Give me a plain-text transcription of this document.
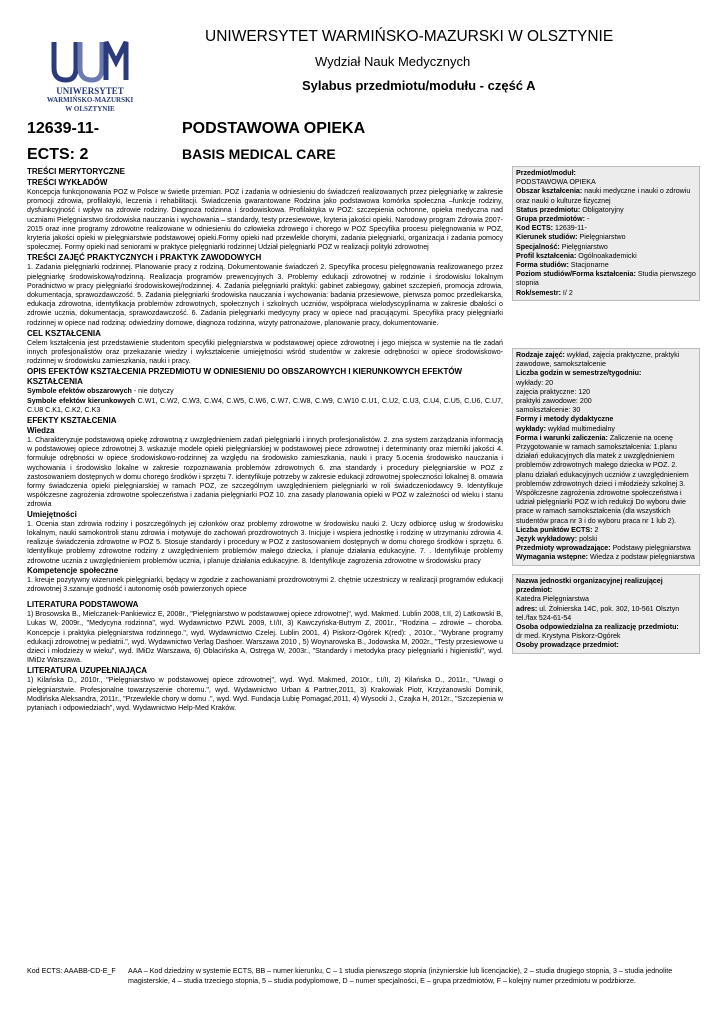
UNIWERSYTET
WARMIŃSKO-MAZURSKI
W OLSZTYNIE
UNIWERSYTET WARMIŃSKO-MAZURSKI W OLSZTYNIE
Wydział Nauk Medycznych
Sylabus przedmiotu/modułu - część A
12639-11-
ECTS: 2
PODSTAWOWA OPIEKA
BASIS MEDICAL CARE
TREŚCI MERYTORYCZNE
TREŚCI WYKŁADÓW

Koncepcja funkcjonowania POZ w Polsce w świetle przemian. POZ i zadania w odniesieniu do świadczeń realizowanych przez pielęgniarkę w zakresie promocji zdrowia, profilaktyki, leczenia i rehabilitacji. Świadczenia gwarantowane Rodzina jako podstawowa komórka społeczna –funkcje rodziny, dysfunkcyjność i wpływ na zdrowie rodziny. Diagnoza rodzinna i środowiskowa. Profilaktyka w POZ: szczepienia ochronne, opieka medyczna nad uczniami Pielęgniarstwo środowiska nauczania i wychowania – standardy, testy przesiewowe, kryteria jakości opieki. Narodowy program Zdrowia 2007-2015 oraz inne programy zdrowotne realizowane w odniesieniu do człowieka zdrowego i chorego w POZ Specyfika procesu pielęgnowania w POZ, kryteria jakości opieki w pielęgniarstwie podstawowej opieki.Formy opieki nad przewlekle chorymi, zadania pielęgniarki, organizacja i zadania pomocy społecznej. Formy opieki nad seniorami w praktyce pielęgniarki rodzinnej Udział pielęgniarki POZ w realizacji polityki zdrowotnej

TREŚCI ZAJĘĆ PRAKTYCZNYCH i PRAKTYK ZAWODOWYCH

1. Zadania pielęgniarki rodzinnej. Planowanie pracy z rodziną. Dokumentowanie świadczeń 2. Specyfika procesu pielęgnowania realizowanego przez pielęgniarkę środowiskową/rodzinną. Realizacja programów prewencyjnych 3. Problemy edukacji zdrowotnej w rodzinie i środowisku lokalnym Poradnictwo w pracy pielęgniarki środowiskowej/rodzinnej. 4. Zadania pielęgniarki praktyki: gabinet zabiegowy, gabinet szczepień, promocja zdrowia, dokumentacja, sprawozdawczość. 5. Zadania pielęgniarki środowiska nauczania i wychowania: badania przesiewowe, pierwsza pomoc przedlekarska, edukacja zdrowotna, identyfikacja problemów zdrowotnych, społecznych i szkolnych uczniów, współpraca wielodyscyplinarna w zakresie dbałości o zdrowie ucznia, dokumentacja, sprawozdawczość. 6. Zadania pielęgniarki medycyny pracy w opiece nad pracującymi. Specyfika pracy pielęgniarki rodzinnej w opiece nad rodziną: odwiedziny domowe, diagnoza rodzinna, wizyty patronażowe, planowanie pracy, dokumentowanie.

CEL KSZTAŁCENIA

Celem kształcenia jest przedstawienie studentom specyfiki pielęgniarstwa w podstawowej opiece zdrowotnej i jego miejsca w systemie na tle zadań innych profesjonalistów oraz przekazanie wiedzy i wykształcenie umiejętności wśród studentów w zakresie odrębności w opiece środowiskowo-rodzinnej w środowisku zamieszkania, nauki i pracy.

OPIS EFEKTÓW KSZTAŁCENIA PRZEDMIOTU W ODNIESIENIU DO OBSZAROWYCH I KIERUNKOWYCH EFEKTÓW KSZTAŁCENIA

Symbole efektów obszarowych - nie dotyczy

Symbole efektów kierunkowych C.W1, C.W2, C.W3, C.W4, C.W5, C.W6, C.W7, C.W8, C.W9, C.W10 C.U1, C.U2, C.U3, C.U4, C.U5, C.U6, C.U7, C.U8 C.K1, C.K2, C.K3

EFEKTY KSZTAŁCENIA
Wiedza

1. Charakteryzuje podstawową opiekę zdrowotną z uwzględnieniem zadań pielęgniarki i innych profesjonalistów. 2. zna system zarządzania informacją w podstawowej opiece zdrowotnej 3. wskazuje modele opieki pielęgniarskiej w podstawowej piece zdrowotnej i determinanty oraz mierniki jakości 4. formułuje odrębności w opiece środowiskowo-rodzinnej za względu na środowisko zamieszkania, nauki i pracy 5.ocenia środowisko nauczania i wychowania i środowisko lokalne w zakresie rozpoznawania problemów zdrowotnych 6. zna standardy i procedury pielęgniarskie w POZ z zastosowaniem dostępnych w domu chorego środków i sprzętu 7. identyfikuje potrzeby w zakresie edukacji zdrowotnej społeczności lokalnej 8. omawia formy świadczenia opieki pielęgniarskiej w ramach POZ, ze szczególnym uwzględnieniem pielęgniarki w roli świadczeniodawcy 9. Identyfikuje współczesne zagrożenia zdrowotne społeczeństwa i zadania pielęgniarki POZ 10. zna zasady planowania opieki w POZ w zależności od wieku i stanu zdrowia

Umiejętności

1. Ocenia stan zdrowia rodziny i poszczególnych jej członków oraz problemy zdrowotne w środowisku nauki 2. Uczy odbiorcę usług w środowisku lokalnym, nauki samokontroli stanu zdrowia i motywuje do zachowań prozdrowotnych 3. Inicjuje i wspiera jednostkę i rodzinę w utrzymaniu zdrowia 4. realizuje świadczenia zdrowotne w POZ 5. Stosuje standardy i procedury w POZ z zastosowaniem dostępnych w domu chorego środków i sprzętu. 6. Identyfikuje problemy zdrowotne rodziny z uwzględnieniem problemów małego dziecka, i planuje działania edukacyjne. 7. . Identyfikuje problemy zdrowotne ucznia z uwzględnieniem problemów ucznia, i planuje działania edukacyjne. 8. Identyfikuje zagrożenia zdrowotne w środowisku pracy

Kompetencje społeczne

1. kreuje pozytywny wizerunek pielęgniarki, będący w zgodzie z zachowaniami prozdrowotnymi 2. chętnie uczestniczy w realizacji programów edukacji zdrowotnej 3.szanuje godność i autonomię osób powierzonych opiece

LITERATURA PODSTAWOWA

1) Brosowska B., Mielczanek-Pankiewicz E, 2008r., "Pielęgniarstwo w podstawowej opiece zdrowotnej", wyd. Makmed. Lublin 2008, t.II, 2) Latkowski B, Lukas W, 2009r., "Medycyna rodzinna", wyd. Wydawnictwo PZWL 2009, t.I/II, 3) Kawczyńska-Butrym Z, 2001r., "Rodzina – zdrowie – choroba. Koncepcje i praktyka pielęgniarstwa rodzinnego.", wyd. Wydawnictwo Czelej. Lublin 2001, 4) Piskorz-Ogórek K(red): , 2010r., "Wybrane programy edukacji zdrowotnej w pediatrii.", wyd. Wydawnictwo Verlag Dashoer. Warszawa 2010 , 5) Woynarowska B., Jodowska M, 2002r., "Testy przesiewowe u dzieci i młodzieży w wieku", wyd. IMiDz Warszawa, 6) Oblacińska A, Ostręga W, 2003r., "Standardy i metodyka pracy pielęgniarki i higienistki", wyd. IMiDz Warszawa.

LITERATURA UZUPEŁNIAJĄCA

1) Kilańska D., 2010r., "Pielęgniarstwo w podstawowej opiece zdrowotnej", wyd. Wyd. Makmed, 2010r., t.I/II, 2) Kilańska D., 2011r., "Uwagi o pielęgniarstwie. Profesjonalne towarzyszenie choremu.", wyd. Wydawnictwo Urban & Partner,2011, 3) Krakowiak Piotr, Krzyżanowski Dominik, Modlińska Aleksandra, 2011r., "Przewlekle chory w domu .", wyd. Wyd. Fundacja Lubię Pomagać,2011, 4) Wysocki J., Czajka H, 2012r., "Szczepienia w pytaniach i odpowiedziach", wyd. Wydawnictwo Help-Med Kraków.

Przedmiot/moduł:
PODSTAWOWA OPIEKA
Obszar kształcenia: nauki medyczne i nauki o zdrowiu oraz nauki o kulturze fizycznej
Status przedmiotu: Obligatoryjny
Grupa przedmiotów: -
Kod ECTS: 12639-11-
Kierunek studiów: Pielęgniarstwo
Specjalność: Pielęgniarstwo
Profil kształcenia: Ogólnoakademicki
Forma studiów: Stacjonarne
Poziom studiów/Forma kształcenia: Studia pierwszego stopnia
Rok/semestr: I/ 2
Rodzaje zajęć: wykład, zajęcia praktyczne, praktyki zawodowe, samokształcenie
Liczba godzin w semestrze/tygodniu:
wykłady: 20
zajęcia praktyczne: 120
praktyki zawodowe: 200
samokształcenie: 30
Formy i metody dydaktyczne
wykłady: wykład multimedialny
Forma i warunki zaliczenia: Zaliczenie na ocenę Przygotowanie w ramach samokształcenia: 1.planu działań edukacyjnych dla matek z uwzględnieniem problemów zdrowotnych małego dziecka w POZ. 2. planu działań edukacyjnych uczniów z uwzględnieniem problemów zdrowotnych dzieci i młodzieży szkolnej 3. Współczesne zagrożenia zdrowotne społeczeństwa i udział pielęgniarki POZ w ich redukcji Do wyboru dwie prace w ramach samokształcenia (dla wszystkich studentów praca nr 3 i do wyboru praca nr 1 lub 2).
Liczba punktów ECTS: 2
Język wykładowy: polski
Przedmioty wprowadzające: Podstawy pielęgniarstwa
Wymagania wstępne: Wiedza z podstaw pielęgniarstwa
Nazwa jednostki organizacyjnej realizującej przedmiot:
Katedra Pielęgniarstwa
adres: ul. Żołnierska 14C, pok. 302, 10-561 Olsztyn
tel./fax 524-61-54
Osoba odpowiedzialna za realizację przedmiotu:
dr med. Krystyna Piskorz-Ogórek
Osoby prowadzące przedmiot:
Kod ECTS: AAABB-CD-E_F	AAA – Kod dziedziny w systemie ECTS, BB – numer kierunku, C – 1 studia pierwszego stopnia (inżynierskie lub licencjackie), 2 – studia drugiego stopnia, 3 – studia jednolite magisterskie, 4 – studia trzeciego stopnia, 5 – studia podyplomowe, D – numer specjalności, E – grupa przedmiotów, F – kolejny numer przedmiotu w podzbiorze.
